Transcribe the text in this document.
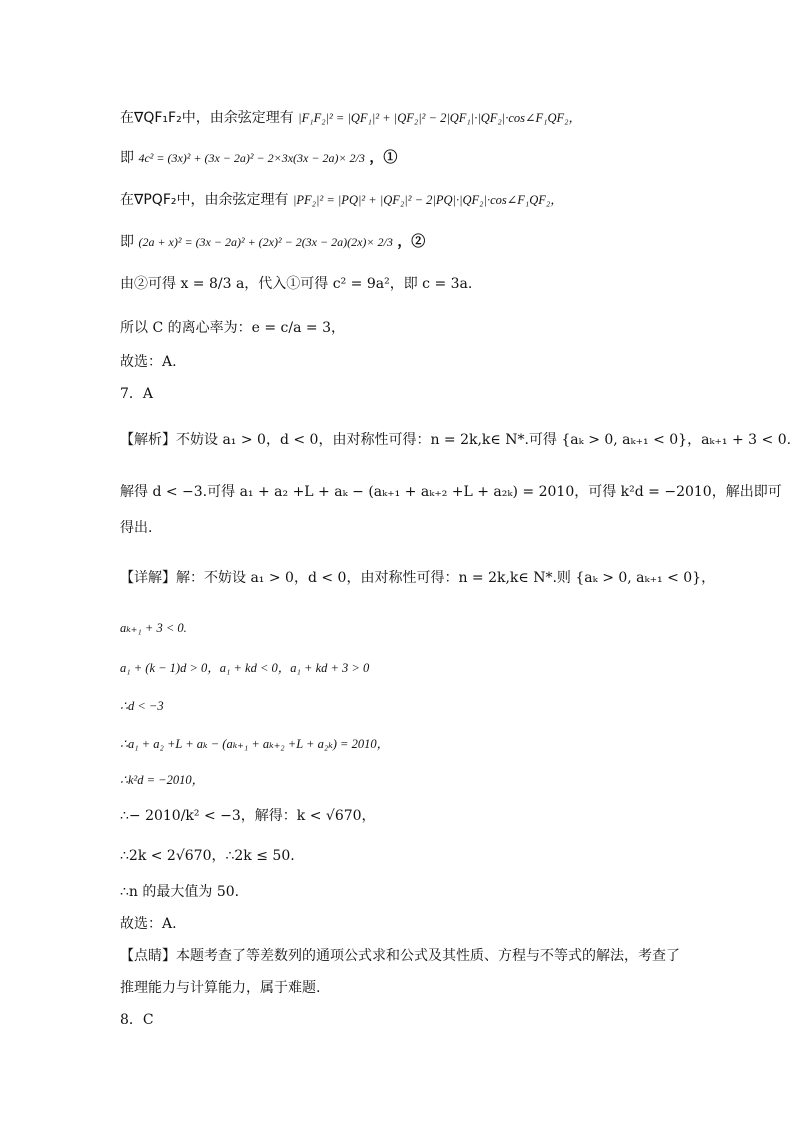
在∇QF₁F₂中，由余弦定理有 |F₁F₂|² = |QF₁|² + |QF₂|² − 2|QF₁|·|QF₂|·cos∠F₁QF₂，
即 4c² = (3x)² + (3x − 2a)² − 2×3x(3x − 2a)× 2/3 ，①
在∇PQF₂中，由余弦定理有 |PF₂|² = |PQ|² + |QF₂|² − 2|PQ|·|QF₂|·cos∠F₁QF₂，
即 (2a + x)² = (3x − 2a)² + (2x)² − 2(3x − 2a)(2x)× 2/3 ，②
由②可得 x = 8/3 a，代入①可得 c² = 9a²，即 c = 3a.
所以 C 的离心率为：e = c/a = 3，
故选：A.
7．A
【解析】不妨设 a₁ > 0，d < 0，由对称性可得：n = 2k,k∈ N*.可得 {aₖ > 0, aₖ₊₁ < 0}，aₖ₊₁ + 3 < 0.
解得 d < −3.可得 a₁ + a₂ +L + aₖ − (aₖ₊₁ + aₖ₊₂ +L + a₂ₖ) = 2010，可得 k²d = −2010，解出即可
得出.
【详解】解：不妨设 a₁ > 0，d < 0，由对称性可得：n = 2k,k∈ N*.则 {aₖ > 0, aₖ₊₁ < 0}，
aₖ₊₁ + 3 < 0.
a₁ + (k − 1)d > 0，a₁ + kd < 0，a₁ + kd + 3 > 0
∴d < −3
∴a₁ + a₂ +L + aₖ − (aₖ₊₁ + aₖ₊₂ +L + a₂ₖ) = 2010，
∴k²d = −2010，
∴− 2010/k² < −3，解得：k < √670，
∴2k < 2√670，∴2k ≤ 50.
∴n 的最大值为 50.
故选：A.
【点睛】本题考查了等差数列的通项公式求和公式及其性质、方程与不等式的解法，考查了
推理能力与计算能力，属于难题.
8．C
